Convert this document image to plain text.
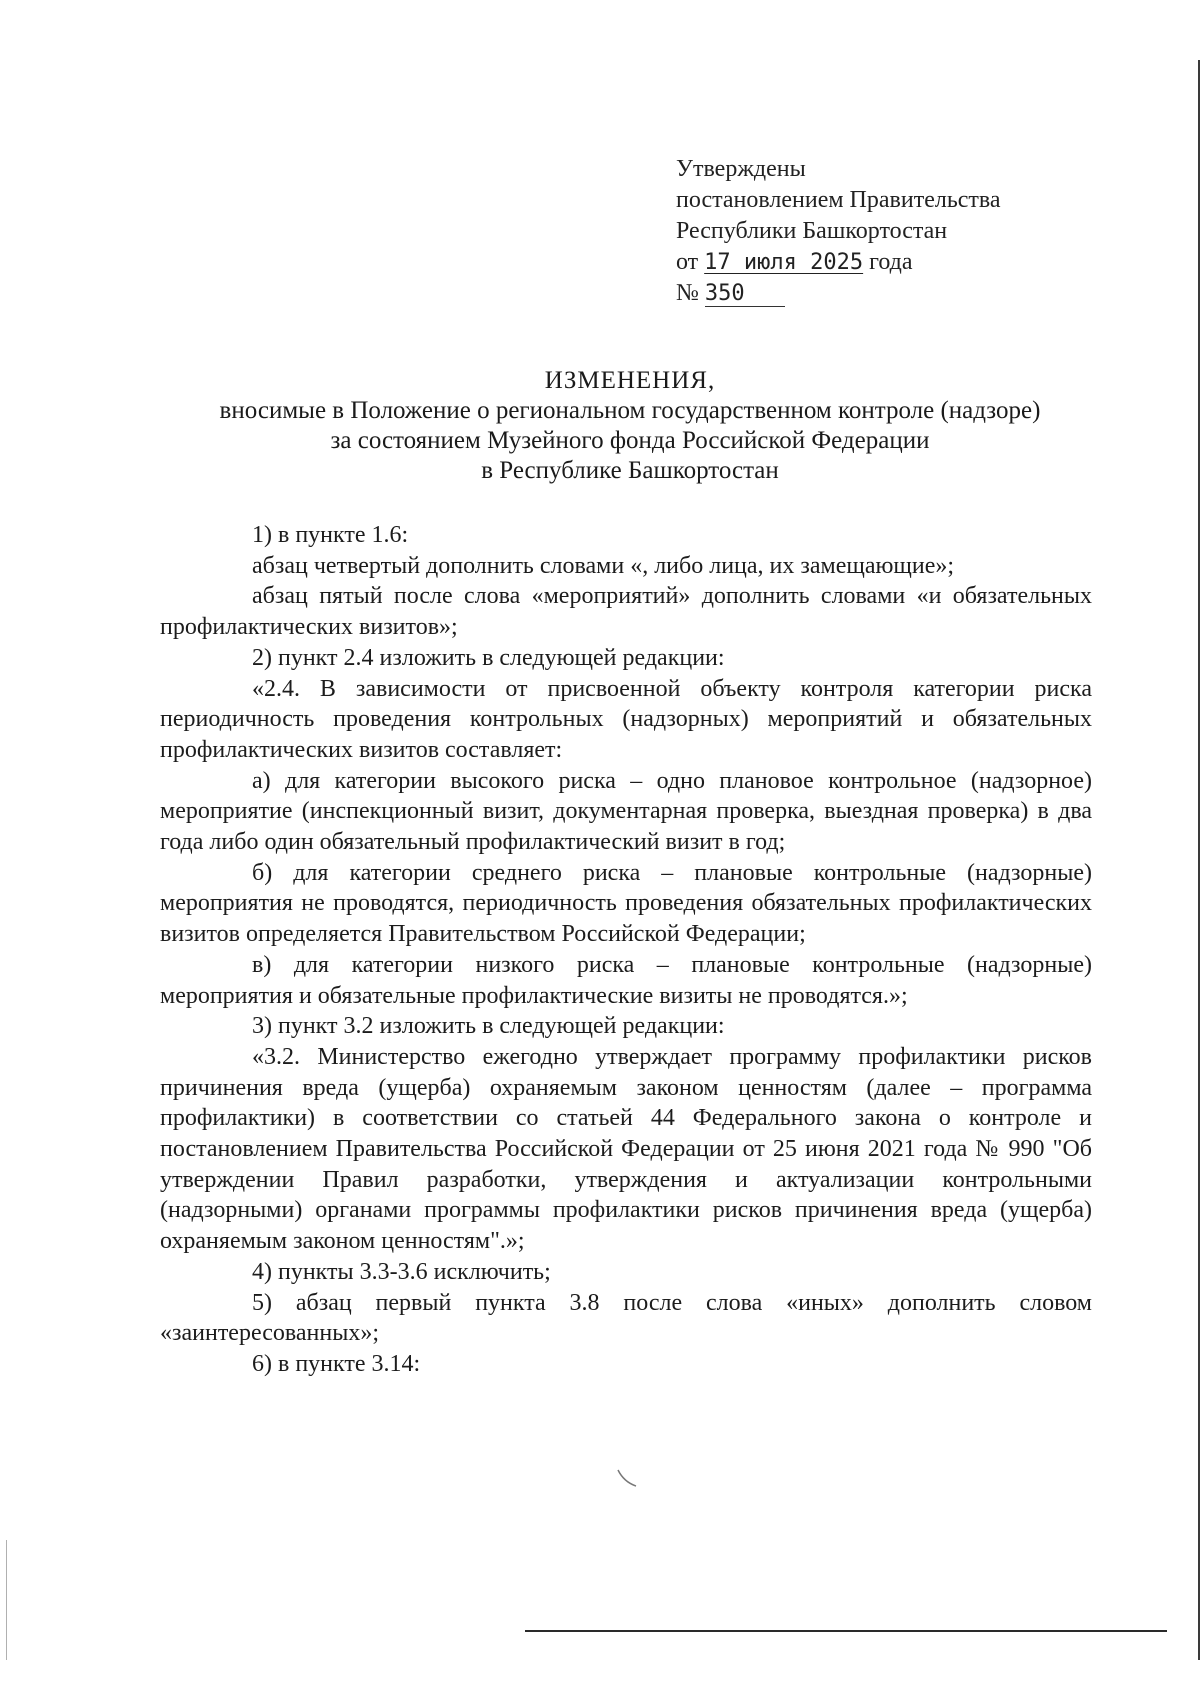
Утверждены
постановлением Правительства
Республики Башкортостан
от 17 июля 2025 года
№ 350
ИЗМЕНЕНИЯ,
вносимые в Положение о региональном государственном контроле (надзоре)
за состоянием Музейного фонда Российской Федерации
в Республике Башкортостан

1) в пункте 1.6:

абзац четвертый дополнить словами «, либо лица, их замещающие»;

абзац пятый после слова «мероприятий» дополнить словами «и обязательных профилактических визитов»;

2) пункт 2.4 изложить в следующей редакции:

«2.4. В зависимости от присвоенной объекту контроля категории риска периодичность проведения контрольных (надзорных) мероприятий и обязательных профилактических визитов составляет:

а) для категории высокого риска – одно плановое контрольное (надзорное) мероприятие (инспекционный визит, документарная проверка, выездная проверка) в два года либо один обязательный профилактический визит в год;

б) для категории среднего риска – плановые контрольные (надзорные) мероприятия не проводятся, периодичность проведения обязательных профилактических визитов определяется Правительством Российской Федерации;

в) для категории низкого риска – плановые контрольные (надзорные) мероприятия и обязательные профилактические визиты не проводятся.»;

3) пункт 3.2 изложить в следующей редакции:

«3.2. Министерство ежегодно утверждает программу профилактики рисков причинения вреда (ущерба) охраняемым законом ценностям (далее – программа профилактики) в соответствии со статьей 44 Федерального закона о контроле и постановлением Правительства Российской Федерации от 25 июня 2021 года № 990 "Об утверждении Правил разработки, утверждения и актуализации контрольными (надзорными) органами программы профилактики рисков причинения вреда (ущерба) охраняемым законом ценностям".»;

4) пункты 3.3-3.6 исключить;

5) абзац первый пункта 3.8 после слова «иных» дополнить словом «заинтересованных»;

6) в пункте 3.14:
